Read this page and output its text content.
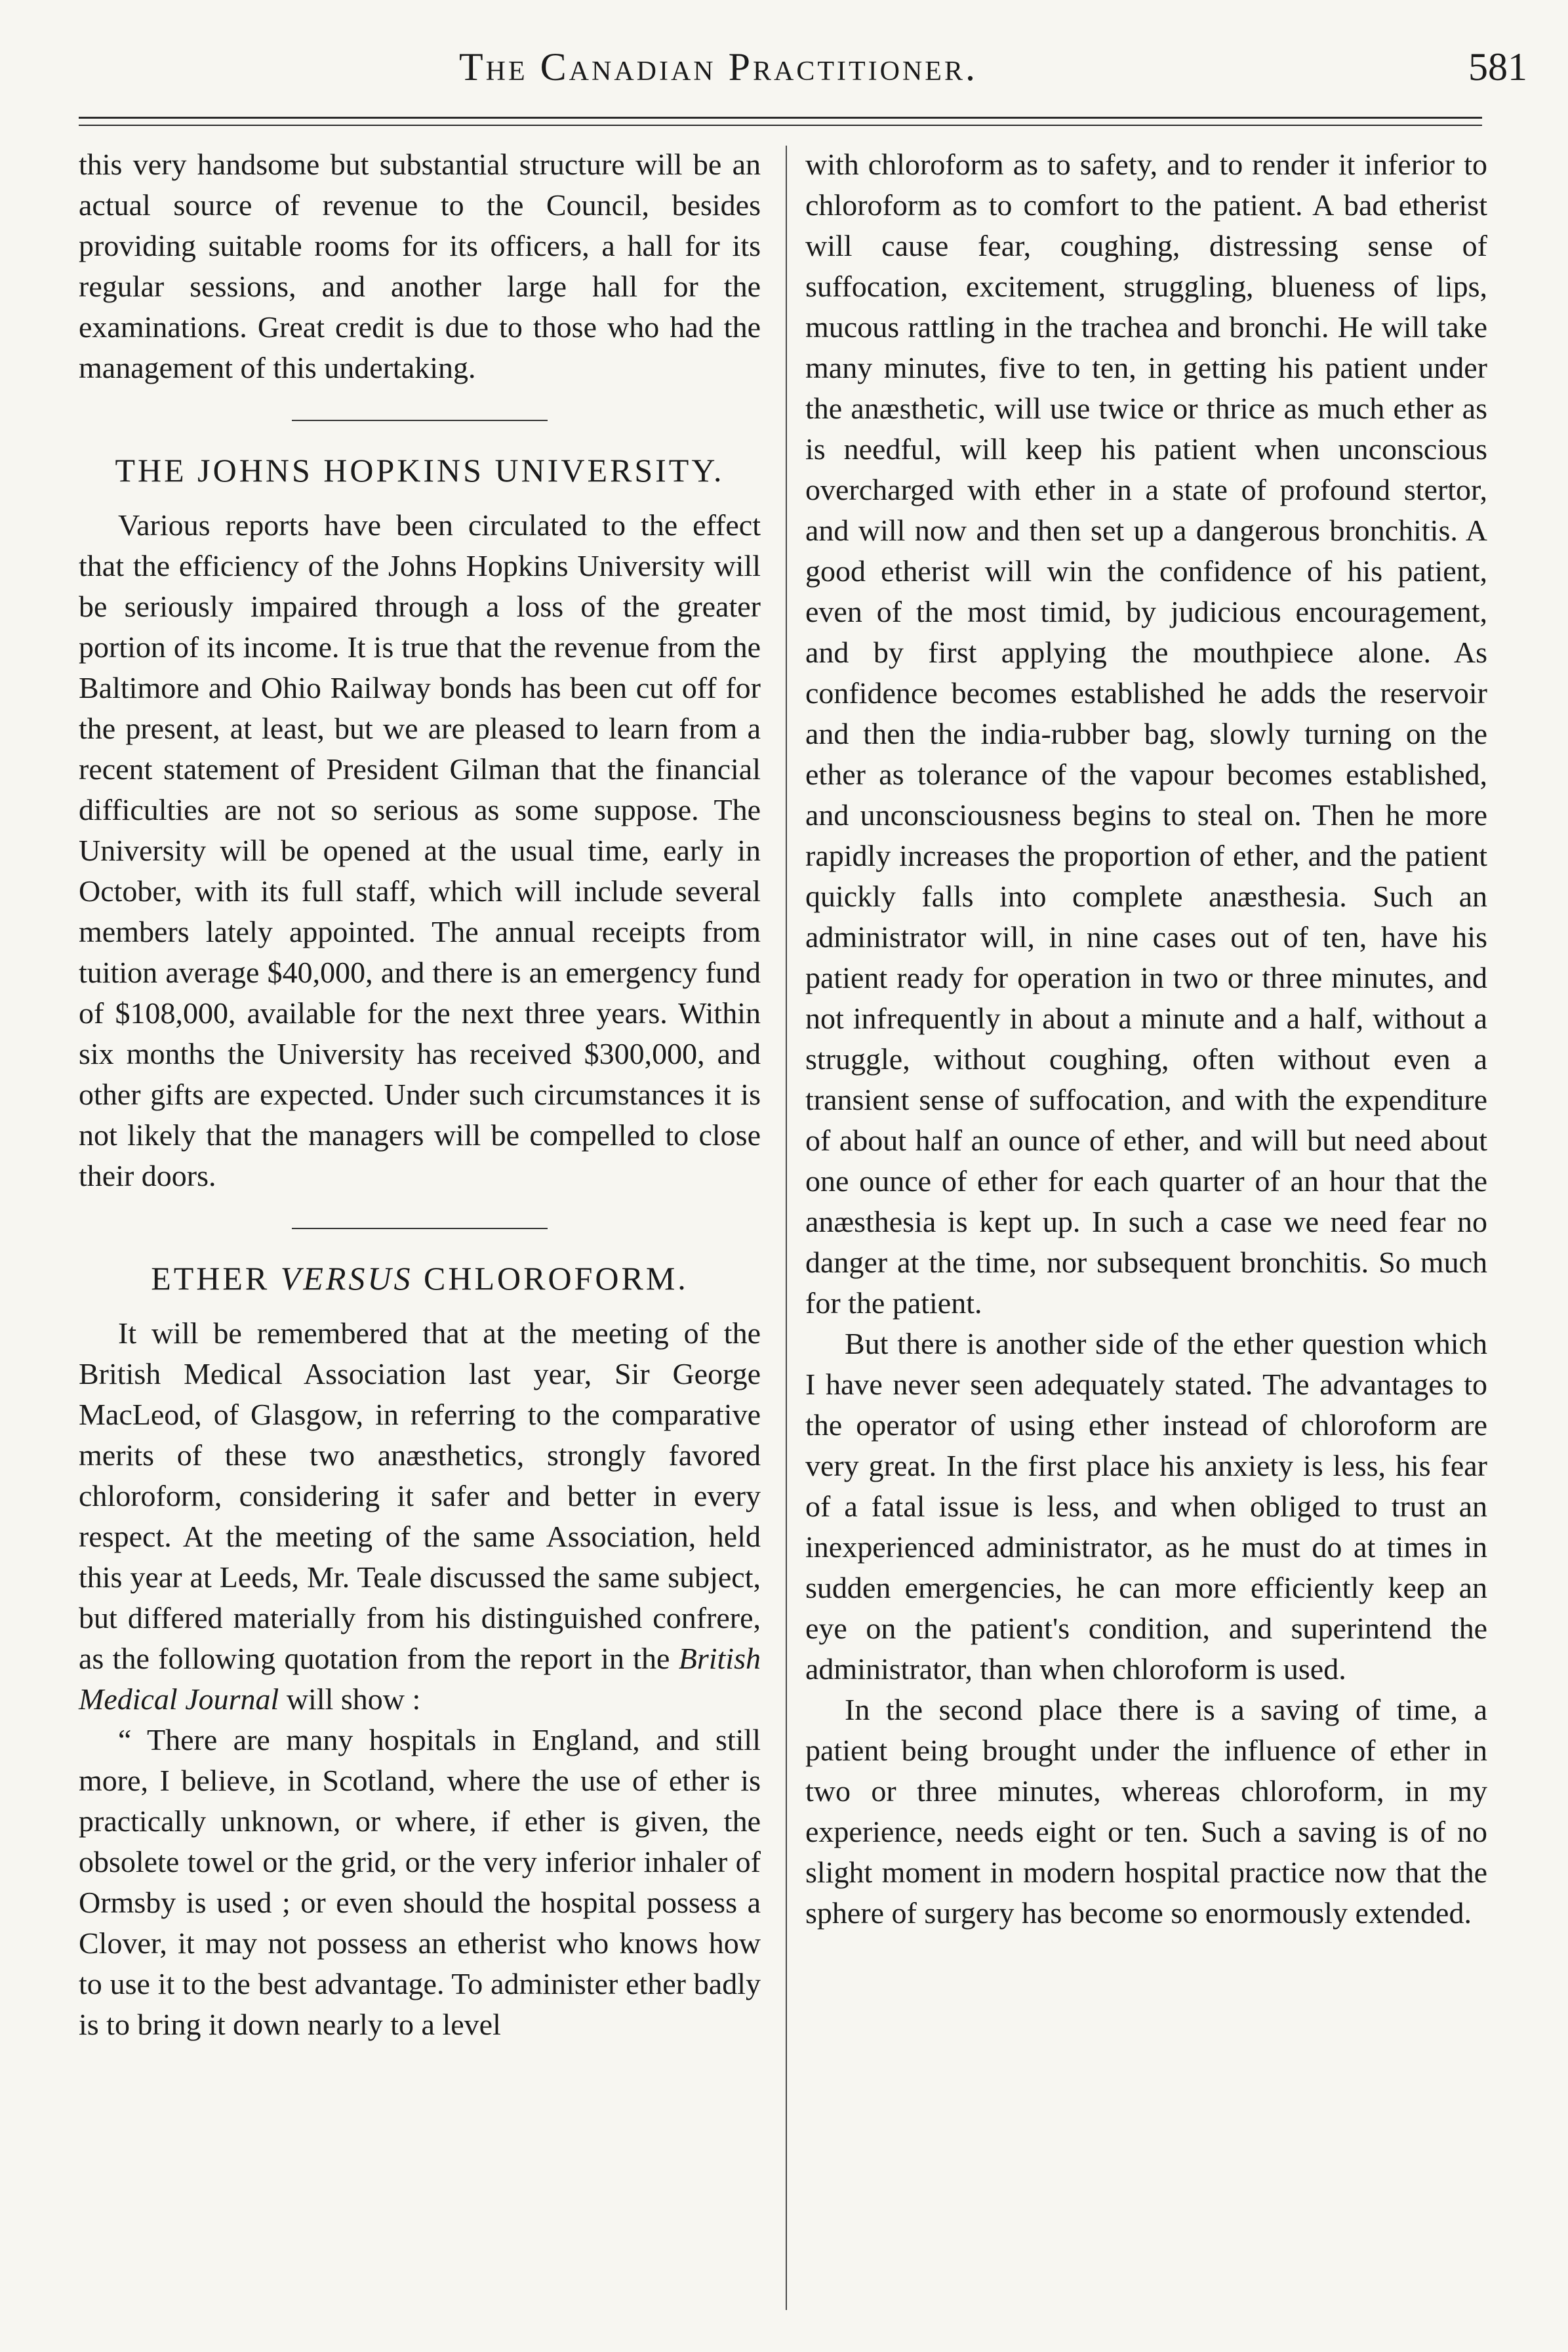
The Canadian Practitioner.	581

this very handsome but substantial structure will be an actual source of revenue to the Council, besides providing suitable rooms for its officers, a hall for its regular sessions, and another large hall for the examinations. Great credit is due to those who had the management of this undertaking.

THE JOHNS HOPKINS UNIVERSITY.

Various reports have been circulated to the effect that the efficiency of the Johns Hopkins University will be seriously impaired through a loss of the greater portion of its income. It is true that the revenue from the Baltimore and Ohio Railway bonds has been cut off for the present, at least, but we are pleased to learn from a recent statement of President Gilman that the financial difficulties are not so serious as some suppose. The University will be opened at the usual time, early in October, with its full staff, which will include several members lately appointed. The annual receipts from tuition average $40,000, and there is an emergency fund of $108,000, available for the next three years. Within six months the University has received $300,000, and other gifts are expected. Under such circumstances it is not likely that the managers will be compelled to close their doors.

ETHER VERSUS CHLOROFORM.

It will be remembered that at the meeting of the British Medical Association last year, Sir George MacLeod, of Glasgow, in referring to the comparative merits of these two anæsthetics, strongly favored chloroform, considering it safer and better in every respect. At the meeting of the same Association, held this year at Leeds, Mr. Teale discussed the same subject, but differed materially from his distinguished confrere, as the following quotation from the report in the British Medical Journal will show :

“ There are many hospitals in England, and still more, I believe, in Scotland, where the use of ether is practically unknown, or where, if ether is given, the obsolete towel or the grid, or the very inferior inhaler of Ormsby is used ; or even should the hospital possess a Clover, it may not possess an etherist who knows how to use it to the best advantage. To administer ether badly is to bring it down nearly to a level

with chloroform as to safety, and to render it inferior to chloroform as to comfort to the patient. A bad etherist will cause fear, coughing, distressing sense of suffocation, excitement, struggling, blueness of lips, mucous rattling in the trachea and bronchi. He will take many minutes, five to ten, in getting his patient under the anæsthetic, will use twice or thrice as much ether as is needful, will keep his patient when unconscious overcharged with ether in a state of profound stertor, and will now and then set up a dangerous bronchitis. A good etherist will win the confidence of his patient, even of the most timid, by judicious encouragement, and by first applying the mouthpiece alone. As confidence becomes established he adds the reservoir and then the india-rubber bag, slowly turning on the ether as tolerance of the vapour becomes established, and unconsciousness begins to steal on. Then he more rapidly increases the proportion of ether, and the patient quickly falls into complete anæsthesia. Such an administrator will, in nine cases out of ten, have his patient ready for operation in two or three minutes, and not infrequently in about a minute and a half, without a struggle, without coughing, often without even a transient sense of suffocation, and with the expenditure of about half an ounce of ether, and will but need about one ounce of ether for each quarter of an hour that the anæsthesia is kept up. In such a case we need fear no danger at the time, nor subsequent bronchitis. So much for the patient.

But there is another side of the ether question which I have never seen adequately stated. The advantages to the operator of using ether instead of chloroform are very great. In the first place his anxiety is less, his fear of a fatal issue is less, and when obliged to trust an inexperienced administrator, as he must do at times in sudden emergencies, he can more efficiently keep an eye on the patient's condition, and superintend the administrator, than when chloroform is used.

In the second place there is a saving of time, a patient being brought under the influence of ether in two or three minutes, whereas chloroform, in my experience, needs eight or ten. Such a saving is of no slight moment in modern hospital practice now that the sphere of surgery has become so enormously extended.
